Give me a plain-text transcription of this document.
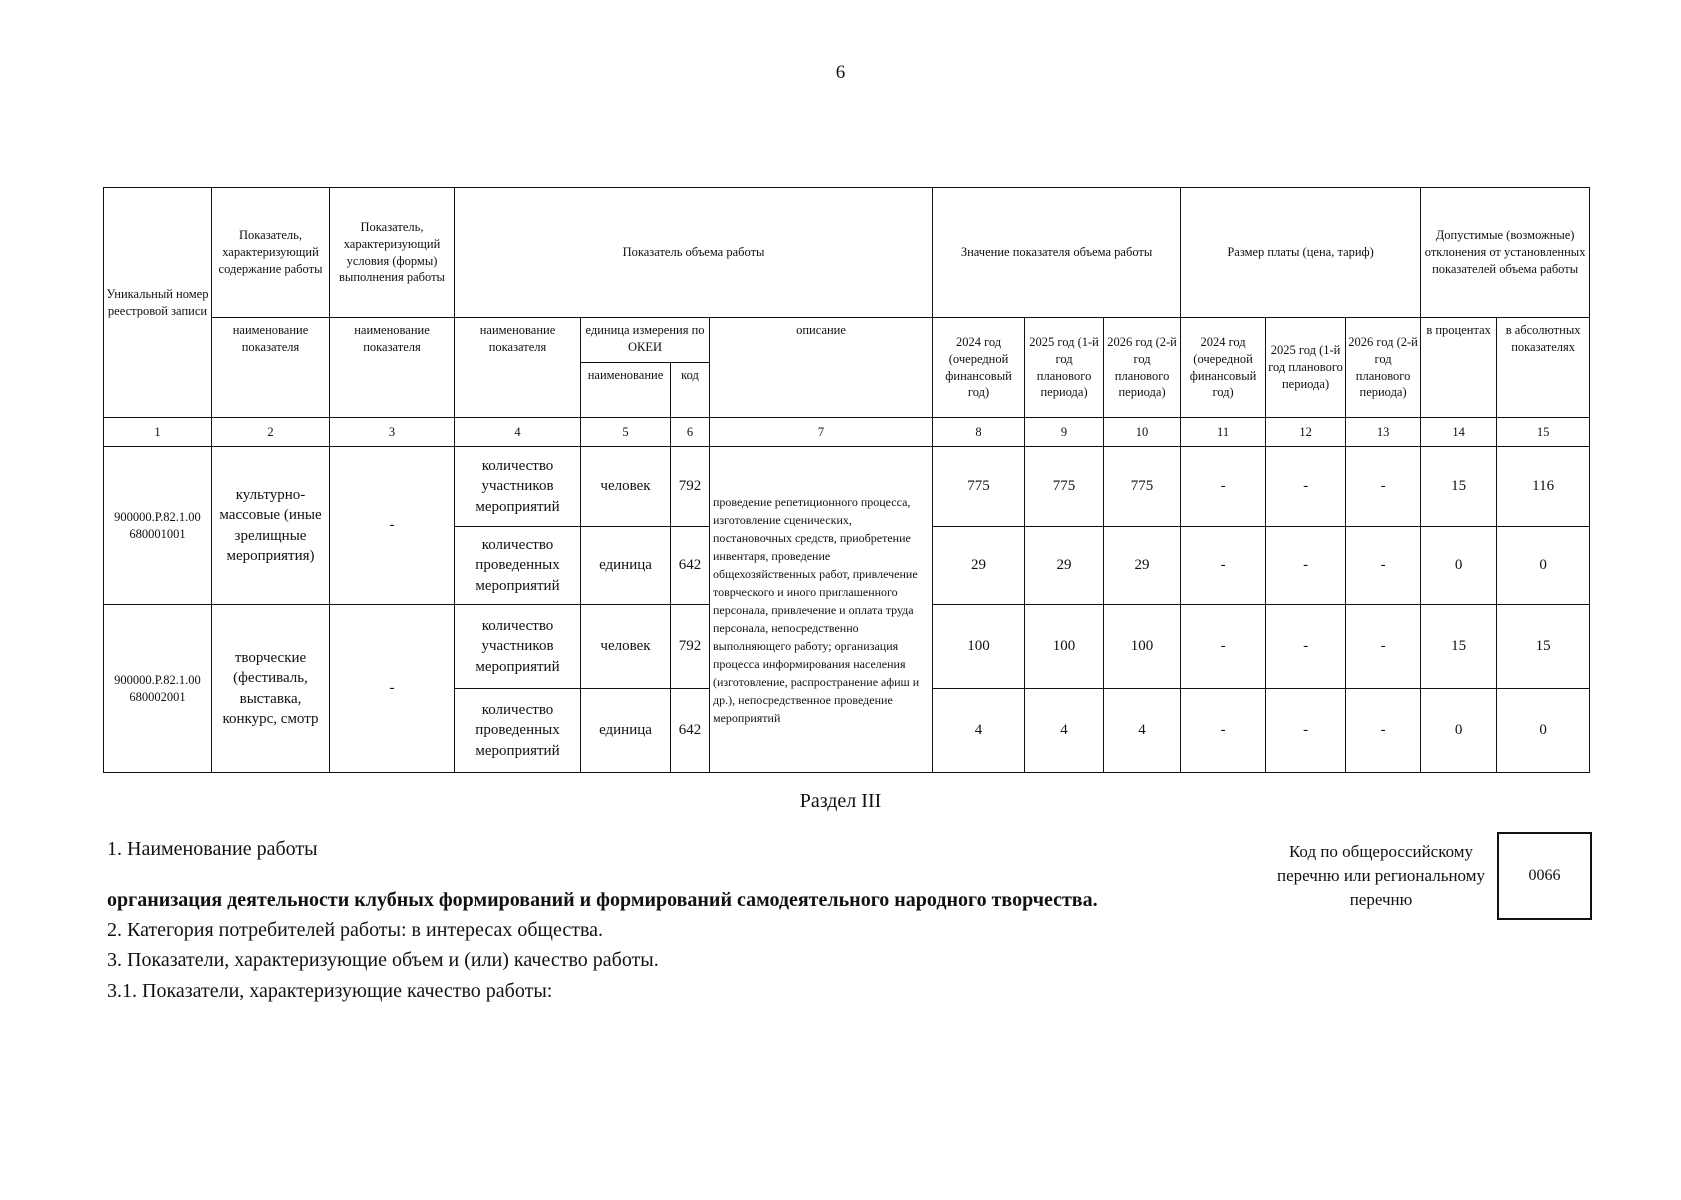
6
Уникальный номер реестровой записи	Показатель, характеризующий содержание работы	Показатель, характеризующий условия (формы) выполнения работы	Показатель объема работы				Значение показателя объема работы			Размер платы (цена, тариф)			Допустимые (возможные) отклонения от установленных показателей объема работы	
	наименование показателя	наименование показателя	наименование показателя	единица измерения по ОКЕИ		описание	2024 год (очередной финансовый год)	2025 год (1-й год планового периода)	2026 год (2-й год планового периода)	2024 год (очередной финансовый год)	2025 год (1-й год планового периода)	2026 год (2-й год планового периода)	в процентах	в абсолютных показателях
				наименование	код									
1	2	3	4	5	6	7	8	9	10	11	12	13	14	15
900000.Р.82.1.00 680001001	культурно-массовые (иные зрелищные мероприятия)	-	количество участников мероприятий	человек	792	проведение репетиционного процесса, изготовление сценических, постановочных средств, приобретение инвентаря, проведение общехозяйственных работ, привлечение товрческого и иного приглашенного персонала, привлечение и оплата труда персонала, непосредственно выполняющего работу; организация процесса информирования населения (изготовление, распространение афиш и др.), непосредственное проведение мероприятий	775	775	775	-	-	-	15	116
			количество проведенных мероприятий	единица	642		29	29	29	-	-	-	0	0
900000.Р.82.1.00 680002001	творческие (фестиваль, выставка, конкурс, смотр	-	количество участников мероприятий	человек	792		100	100	100	-	-	-	15	15
			количество проведенных мероприятий	единица	642		4	4	4	-	-	-	0	0
Раздел III
1. Наименование работы
организация деятельности клубных формирований и формирований самодеятельного народного творчества.
2. Категория потребителей работы: в интересах общества.
3. Показатели, характеризующие объем и (или) качество работы.
3.1. Показатели, характеризующие качество работы:
Код по общероссийскому перечню или региональному перечню
0066
